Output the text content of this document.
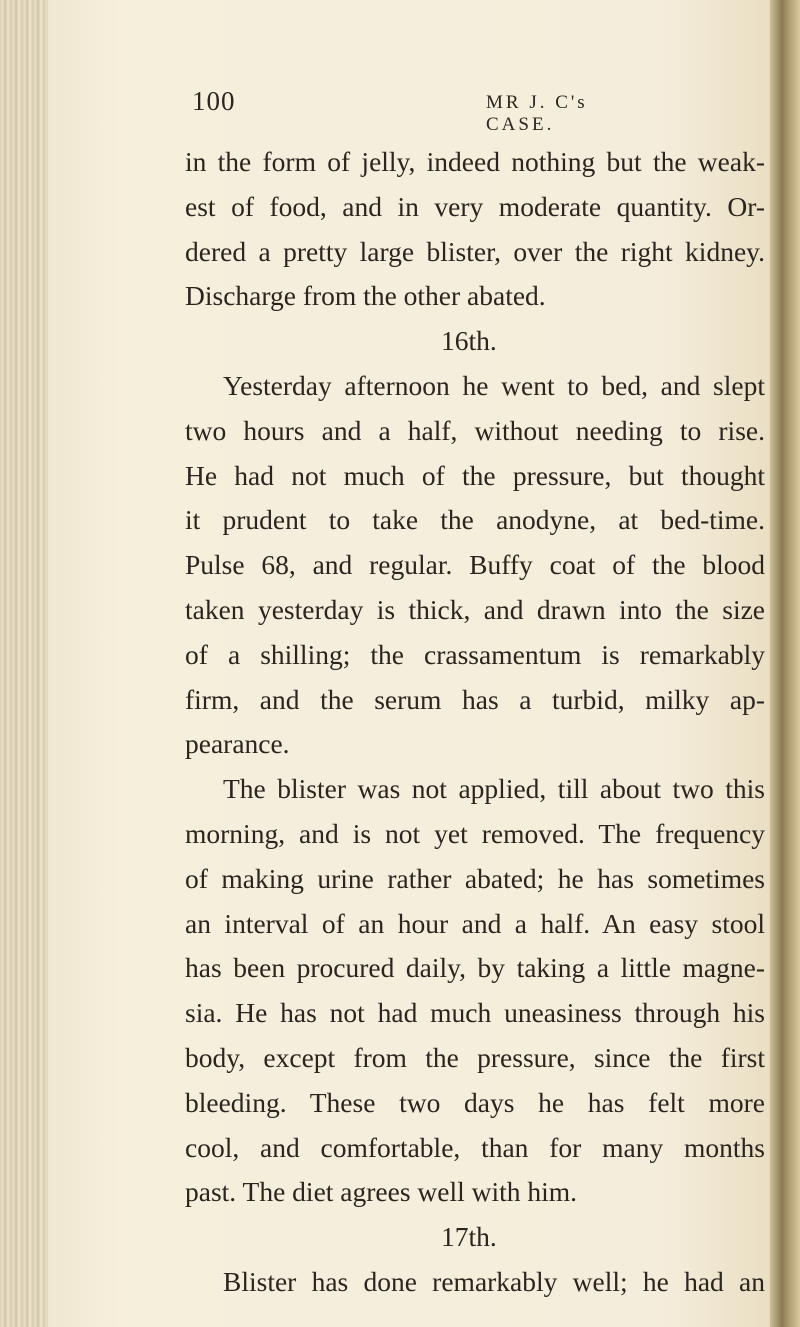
100	MR J. C's CASE.
in the form of jelly, indeed nothing but the weak-
est of food, and in very moderate quantity. Or-
dered a pretty large blister, over the right kidney.
Discharge from the other abated.
16th.
Yesterday afternoon he went to bed, and slept
two hours and a half, without needing to rise.
He had not much of the pressure, but thought
it prudent to take the anodyne, at bed-time.
Pulse 68, and regular. Buffy coat of the blood
taken yesterday is thick, and drawn into the size
of a shilling; the crassamentum is remarkably
firm, and the serum has a turbid, milky ap-
pearance.
The blister was not applied, till about two this
morning, and is not yet removed. The frequency
of making urine rather abated; he has sometimes
an interval of an hour and a half. An easy stool
has been procured daily, by taking a little magne-
sia. He has not had much uneasiness through his
body, except from the pressure, since the first
bleeding. These two days he has felt more
cool, and comfortable, than for many months
past. The diet agrees well with him.
17th.
Blister has done remarkably well; he had an
